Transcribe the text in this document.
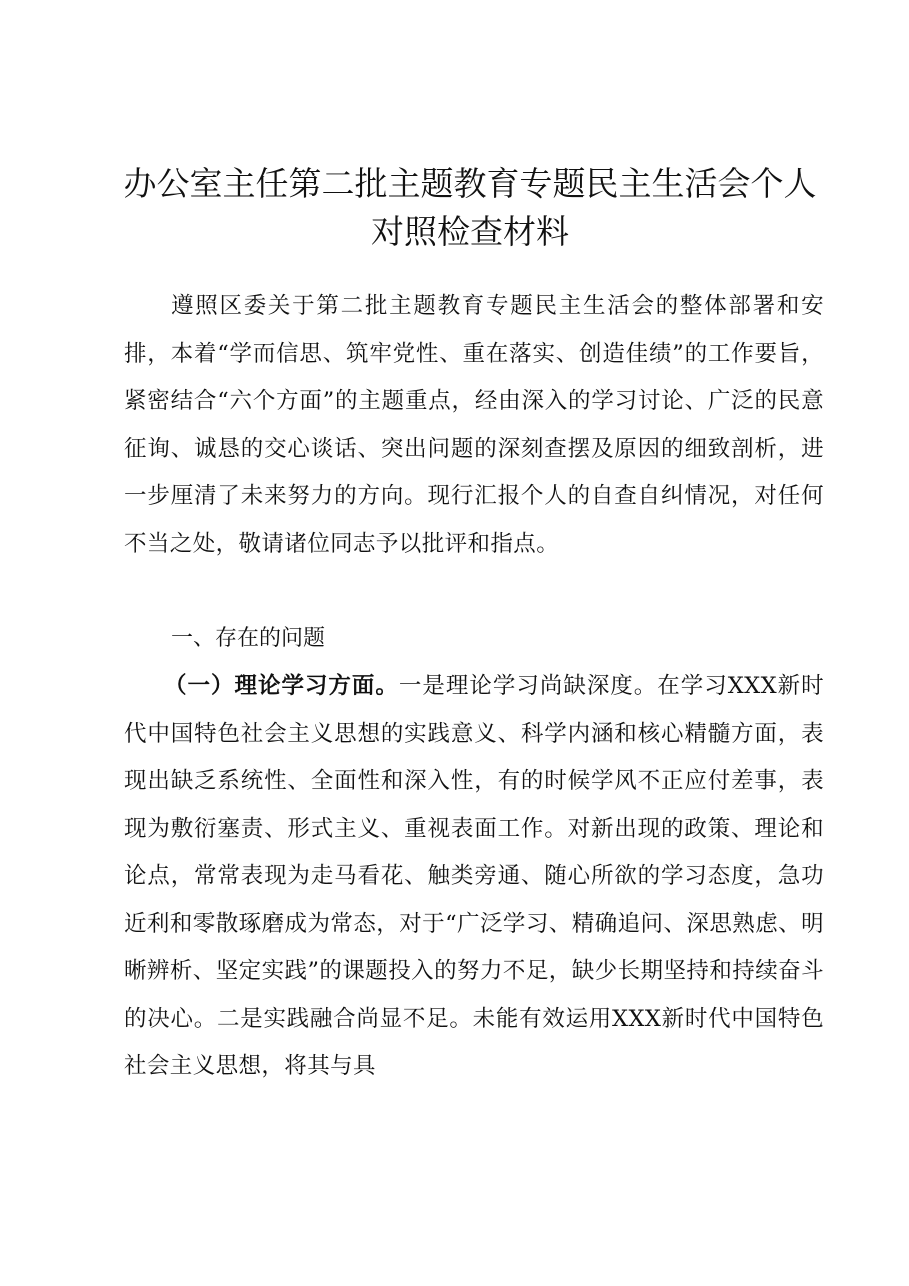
办公室主任第二批主题教育专题民主生活会个人
对照检查材料

遵照区委关于第二批主题教育专题民主生活会的整体部署和安排，本着“学而信思、筑牢党性、重在落实、创造佳绩”的工作要旨，紧密结合“六个方面”的主题重点，经由深入的学习讨论、广泛的民意征询、诚恳的交心谈话、突出问题的深刻查摆及原因的细致剖析，进一步厘清了未来努力的方向。现行汇报个人的自查自纠情况，对任何不当之处，敬请诸位同志予以批评和指点。

一、存在的问题

（一）理论学习方面。一是理论学习尚缺深度。在学习XXX新时代中国特色社会主义思想的实践意义、科学内涵和核心精髓方面，表现出缺乏系统性、全面性和深入性，有的时候学风不正应付差事，表现为敷衍塞责、形式主义、重视表面工作。对新出现的政策、理论和论点，常常表现为走马看花、触类旁通、随心所欲的学习态度，急功近利和零散琢磨成为常态，对于“广泛学习、精确追问、深思熟虑、明晰辨析、坚定实践”的课题投入的努力不足，缺少长期坚持和持续奋斗的决心。二是实践融合尚显不足。未能有效运用XXX新时代中国特色社会主义思想，将其与具
